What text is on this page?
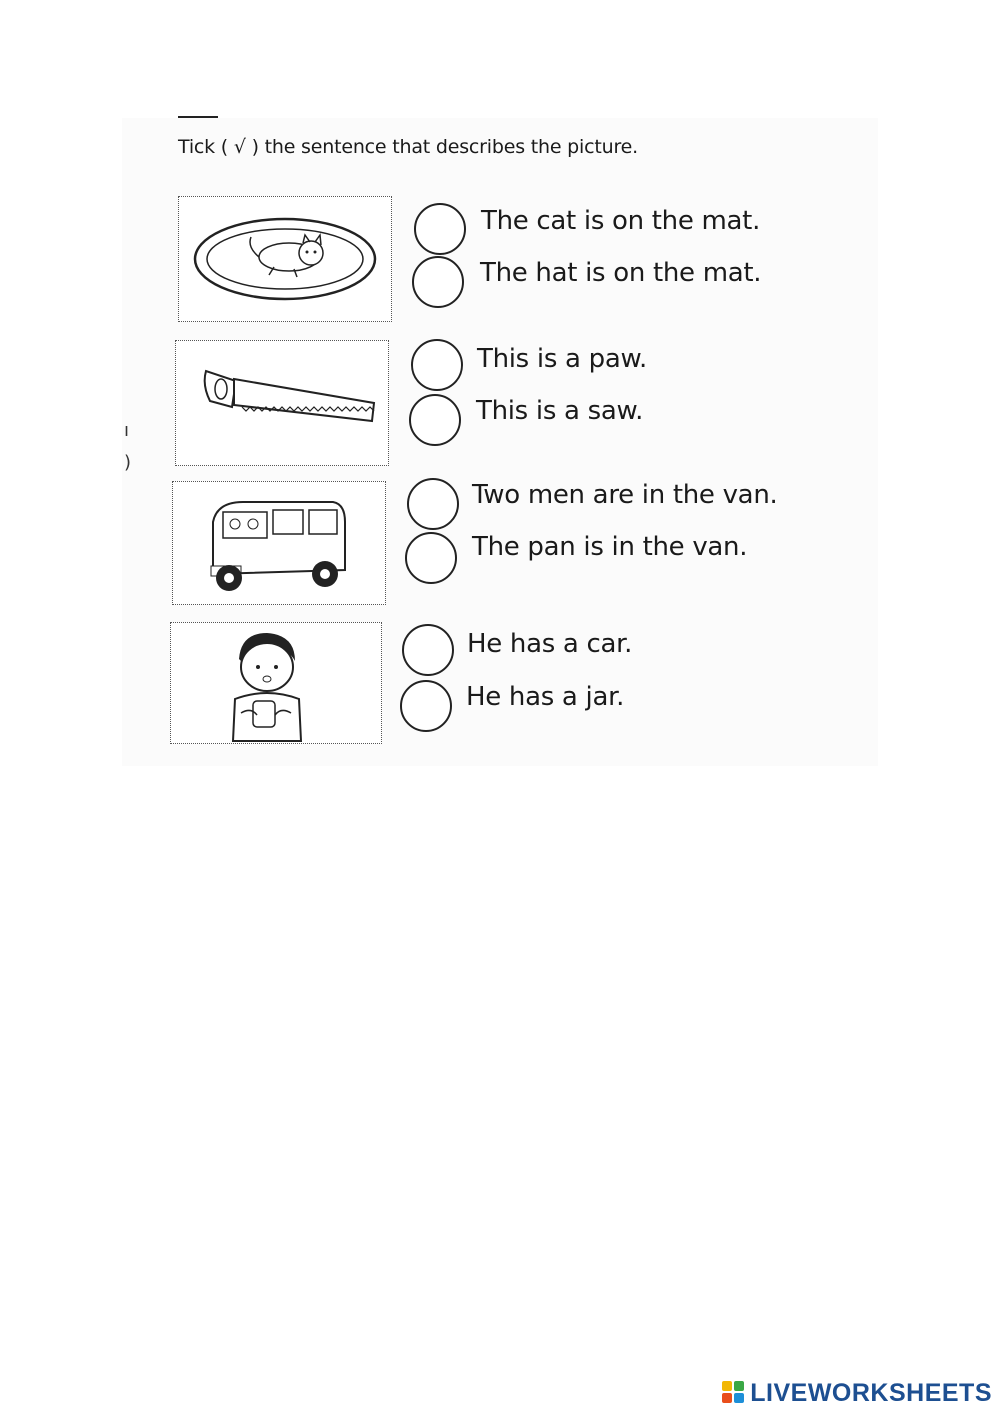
ı
)
Tick ( √ ) the sentence that describes the picture.
The cat is on the mat.
The hat is on the mat.
This is a paw.
This is a saw.
Two men are in the van.
The pan is in the van.
He has a car.
He has a jar.
LIVEWORKSHEETS
